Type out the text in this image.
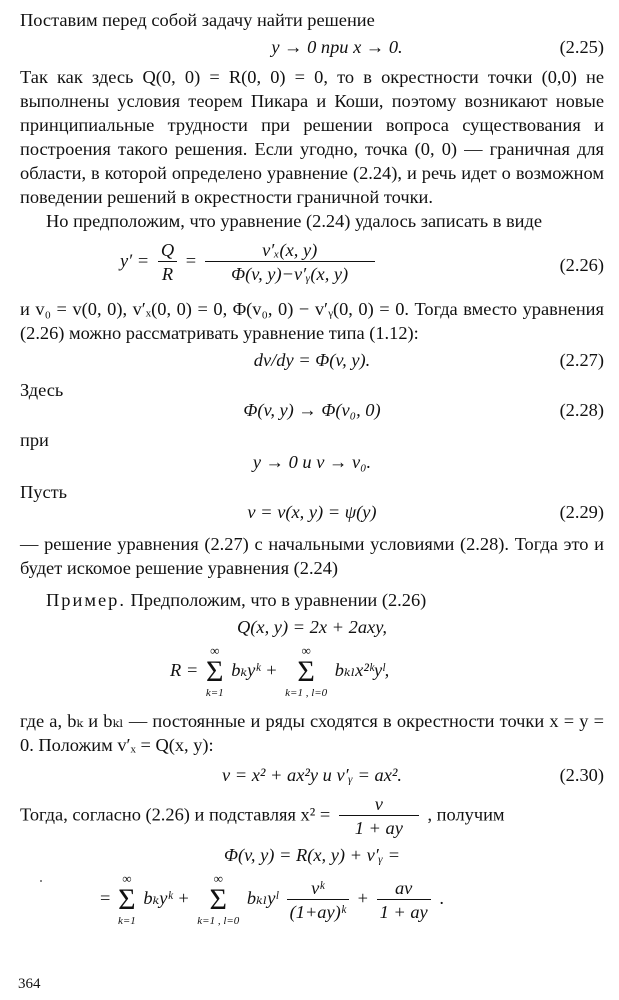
Поставим перед собой задачу найти решение

y → 0 при x → 0.	(2.25)

Так как здесь Q(0, 0) = R(0, 0) = 0, то в окрестности точки (0,0) не выполнены условия теорем Пикара и Коши, поэтому возникают новые принципиальные трудности при решении вопроса существования и построения такого решения. Если угодно, точка (0, 0) — граничная для области, в которой определено уравнение (2.24), и речь идет о возможном поведении решений в окрестности граничной точки.

Но предположим, что уравнение (2.24) удалось записать в виде

$y' = \frac{Q}{R} = \frac{\text{v′ₓ(x, y)}}{\text{Φ(v, y)−v′ᵧ(x, y)}}$	(2.26)

и v₀ = v(0, 0), v′ₓ(0, 0) = 0, Φ(v₀, 0) − v′ᵧ(0, 0) = 0. Тогда вместо уравнения (2.26) можно рассматривать уравнение типа (1.12):

dv/dy = Φ(v, y).	(2.27)

Здесь

Φ(v, y) → Φ(v₀, 0)	(2.28)

при

y → 0 и v → v₀.

Пусть

v = v(x, y) = ψ(y)	(2.29)

— решение уравнения (2.27) с начальными условиями (2.28). Тогда это и будет искомое решение уравнения (2.24)

Пример. Предположим, что в уравнении (2.26)

Q(x, y) = 2x + 2axy,
R =
∞
Σ
k=1
bₖyᵏ +
∞
Σ
k=1 , l=0
bₖₗx²ᵏyˡ,

где a, bₖ и bₖₗ — постоянные и ряды сходятся в окрестности точки x = y = 0. Положим v′ₓ = Q(x, y):

v = x² + ax²y и v′ᵧ = ax².	(2.30)
Тогда, согласно (2.26) и подставляя $x^2 = \frac{v}{1 + ay}$ , получим
Φ(v, y) = R(x, y) + v′ᵧ =
=
∞
Σ
k=1
bₖyᵏ +
∞
Σ
k=1 , l=0
bₖₗyˡ $\frac{\text{vᵏ}}{\text{(1+ay)ᵏ}} + \frac{av}{1 + ay}$ .
364
